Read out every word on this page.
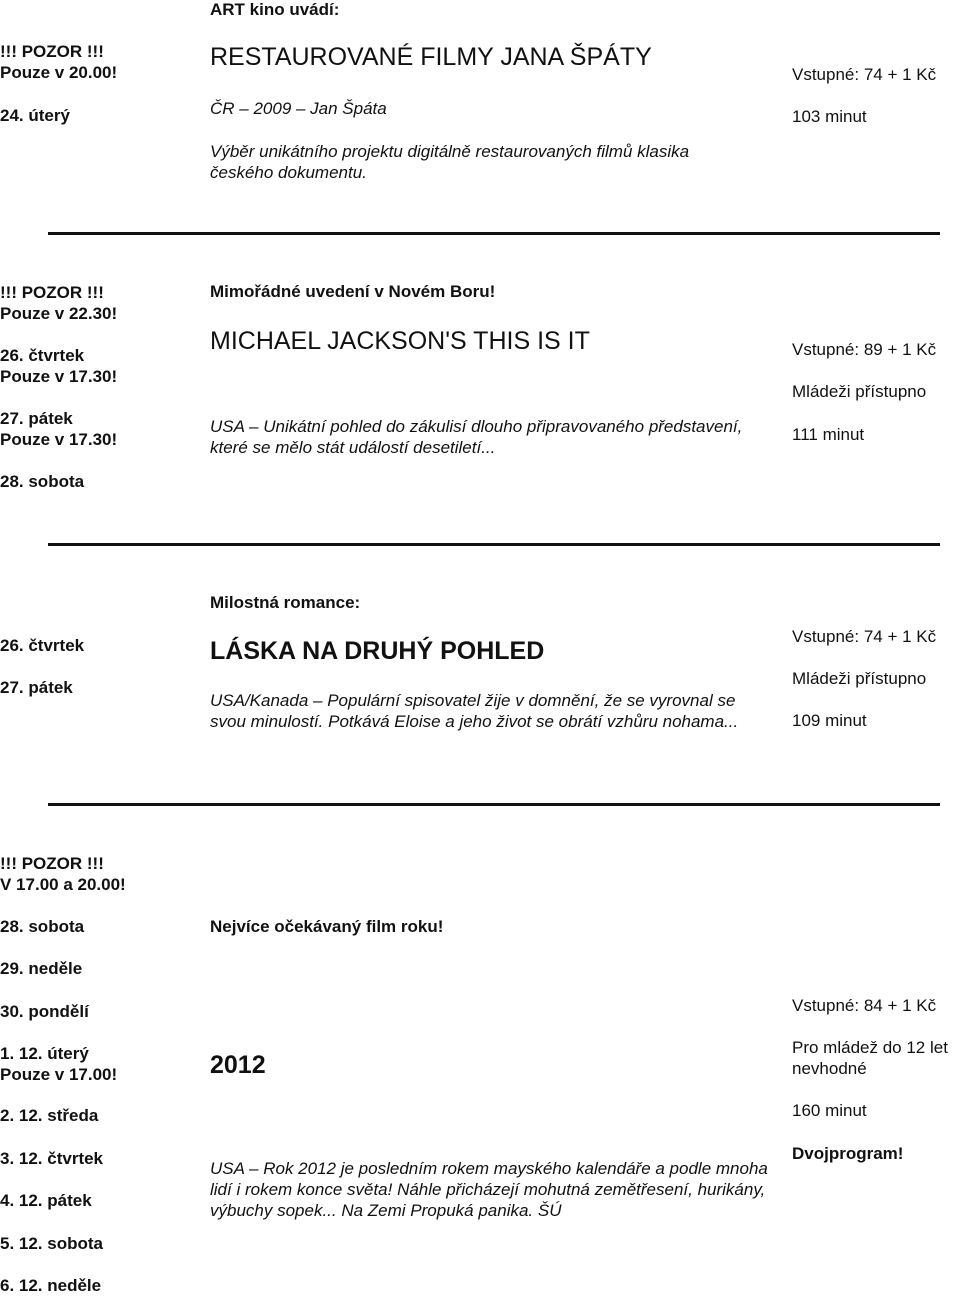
ART kino uvádí:
!!! POZOR !!!
Pouze v 20.00!
24. úterý
RESTAUROVANÉ FILMY JANA ŠPÁTY
ČR – 2009 – Jan Špáta
Výběr unikátního projektu digitálně restaurovaných filmů klasika českého dokumentu.
Vstupné: 74 + 1 Kč
103 minut
!!! POZOR !!!
Pouze v 22.30!
26. čtvrtek
Pouze v 17.30!
27. pátek
Pouze v 17.30!
28. sobota
Mimořádné uvedení v Novém Boru!
MICHAEL JACKSON'S THIS IS IT
USA – Unikátní pohled do zákulisí dlouho připravovaného představení, které se mělo stát událostí desetiletí...
Vstupné: 89 + 1 Kč
Mládeži přístupno
111 minut
26. čtvrtek
27. pátek
Milostná romance:
LÁSKA NA DRUHÝ POHLED
USA/Kanada – Populární spisovatel žije v domnění, že se vyrovnal se svou minulostí. Potkává Eloise a jeho život se obrátí vzhůru nohama...
Vstupné: 74 + 1 Kč
Mládeži přístupno
109 minut
!!! POZOR !!!
V 17.00 a 20.00!
28. sobota
29. neděle
30. pondělí
1. 12. úterý
Pouze v 17.00!
2. 12. středa
3. 12. čtvrtek
4. 12. pátek
5. 12. sobota
6. 12. neděle
Nejvíce očekávaný film roku!
2012
USA – Rok 2012 je posledním rokem mayského kalendáře a podle mnoha lidí i rokem konce světa! Náhle přicházejí mohutná zemětřesení, hurikány, výbuchy sopek... Na Zemi Propuká panika. ŠÚ
Vstupné: 84 + 1 Kč
Pro mládež do 12 let nevhodné
160 minut
Dvojprogram!
